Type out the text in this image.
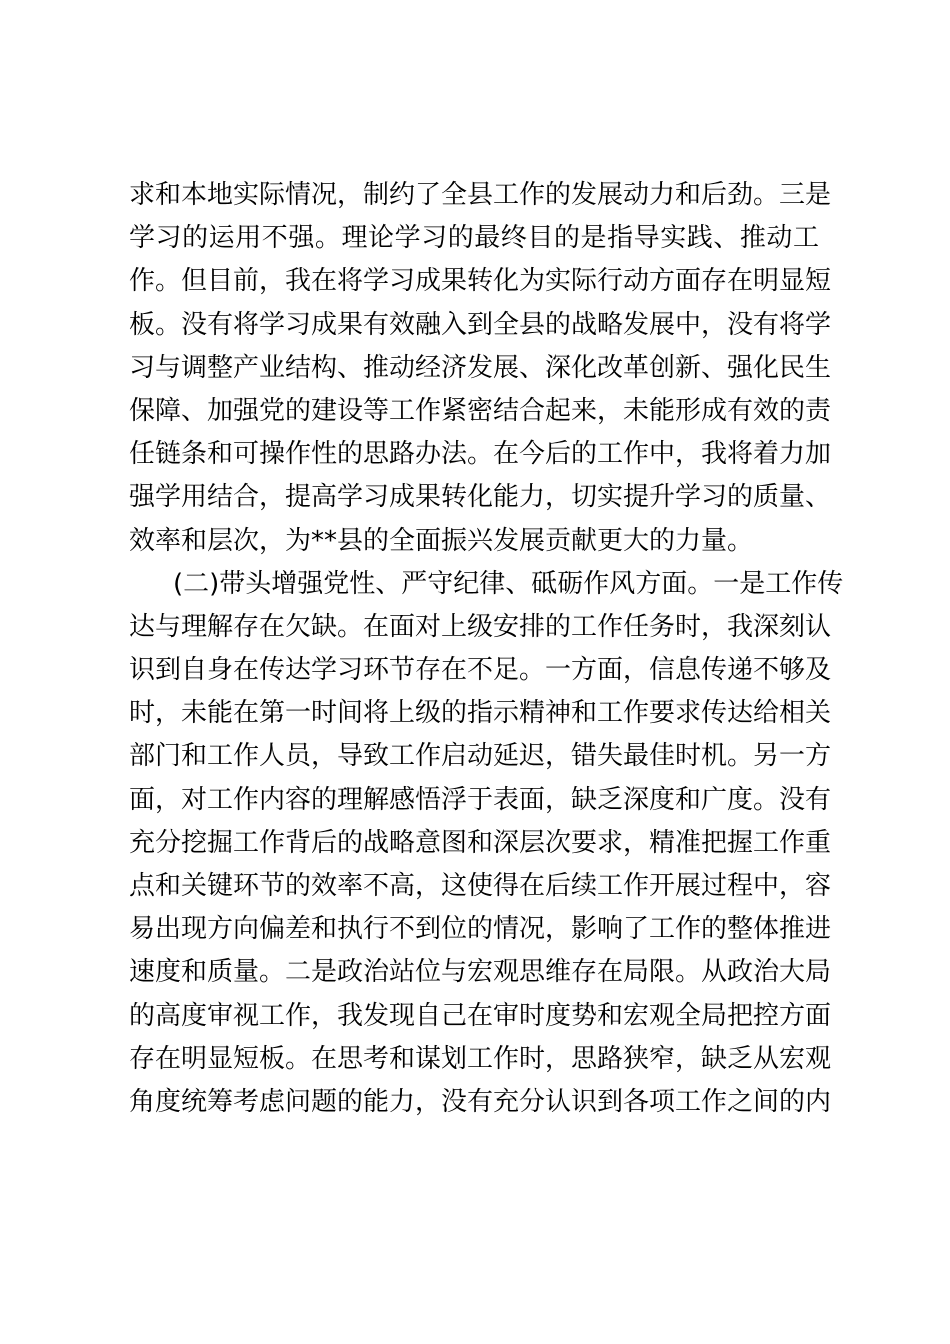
求和本地实际情况，制约了全县工作的发展动力和后劲。三是
学习的运用不强。理论学习的最终目的是指导实践、推动工
作。但目前，我在将学习成果转化为实际行动方面存在明显短
板。没有将学习成果有效融入到全县的战略发展中，没有将学
习与调整产业结构、推动经济发展、深化改革创新、强化民生
保障、加强党的建设等工作紧密结合起来，未能形成有效的责
任链条和可操作性的思路办法。在今后的工作中，我将着力加
强学用结合，提高学习成果转化能力，切实提升学习的质量、
效率和层次，为**县的全面振兴发展贡献更大的力量。
(二)带头增强党性、严守纪律、砥砺作风方面。一是工作传
达与理解存在欠缺。在面对上级安排的工作任务时，我深刻认
识到自身在传达学习环节存在不足。一方面，信息传递不够及
时，未能在第一时间将上级的指示精神和工作要求传达给相关
部门和工作人员，导致工作启动延迟，错失最佳时机。另一方
面，对工作内容的理解感悟浮于表面，缺乏深度和广度。没有
充分挖掘工作背后的战略意图和深层次要求，精准把握工作重
点和关键环节的效率不高，这使得在后续工作开展过程中，容
易出现方向偏差和执行不到位的情况，影响了工作的整体推进
速度和质量。二是政治站位与宏观思维存在局限。从政治大局
的高度审视工作，我发现自己在审时度势和宏观全局把控方面
存在明显短板。在思考和谋划工作时，思路狭窄，缺乏从宏观
角度统筹考虑问题的能力，没有充分认识到各项工作之间的内
